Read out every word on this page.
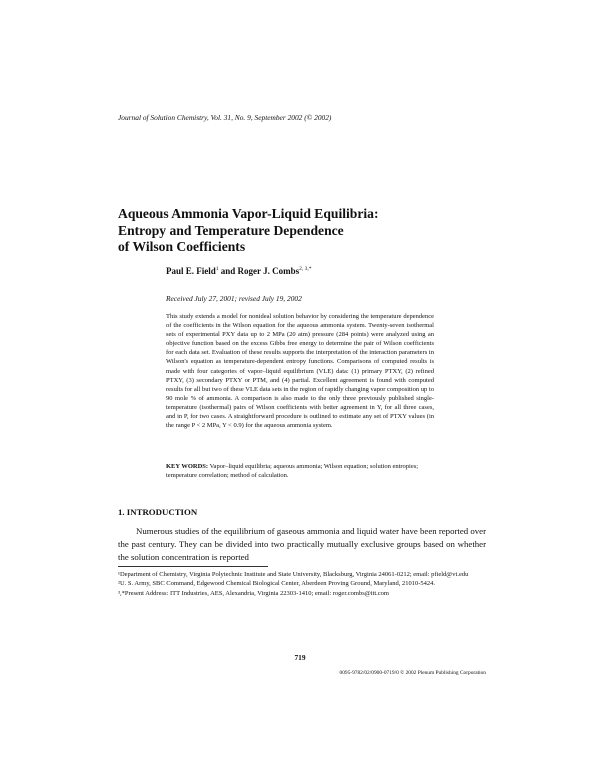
Journal of Solution Chemistry, Vol. 31, No. 9, September 2002 (© 2002)
Aqueous Ammonia Vapor-Liquid Equilibria:
Entropy and Temperature Dependence
of Wilson Coefficients
Paul E. Field$^1$ and Roger J. Combs$^{2, 3,*}$
Received July 27, 2001; revised July 19, 2002
This study extends a model for nonideal solution behavior by considering the temperature dependence of the coefficients in the Wilson equation for the aqueous ammonia system. Twenty-seven isothermal sets of experimental PXY data up to 2 MPa (20 atm) pressure (284 points) were analyzed using an objective function based on the excess Gibbs free energy to determine the pair of Wilson coefficients for each data set. Evaluation of these results supports the interpretation of the interaction parameters in Wilson's equation as temperature-dependent entropy functions. Comparisons of computed results is made with four categories of vapor–liquid equilibrium (VLE) data: (1) primary PTXY, (2) refined PTXY, (3) secondary PTXY or PTM, and (4) partial. Excellent agreement is found with computed results for all but two of these VLE data sets in the region of rapidly changing vapor composition up to 90 mole % of ammonia. A comparison is also made to the only three previously published single-temperature (isothermal) pairs of Wilson coefficients with better agreement in Y, for all three cases, and in P, for two cases. A straightforward procedure is outlined to estimate any set of PTXY values (in the range P < 2 MPa, Y < 0.9) for the aqueous ammonia system.
KEY WORDS: Vapor–liquid equilibria; aqueous ammonia; Wilson equation; solution entropies; temperature correlation; method of calculation.
1. INTRODUCTION

Numerous studies of the equilibrium of gaseous ammonia and liquid water have been reported over the past century. They can be divided into two practically mutually exclusive groups based on whether the solution concentration is reported

¹Department of Chemistry, Virginia Polytechnic Institute and State University, Blacksburg, Virginia 24061-0212; email: pfield@vt.edu
²U. S. Army, SBC Command, Edgewood Chemical Biological Center, Aberdeen Proving Ground, Maryland, 21010-5424.
³,*Present Address: ITT Industries, AES, Alexandria, Virginia 22303-1410; email: roger.combs@itt.com
719
0095-9782/02/0900-0719/0 © 2002 Plenum Publishing Corporation
